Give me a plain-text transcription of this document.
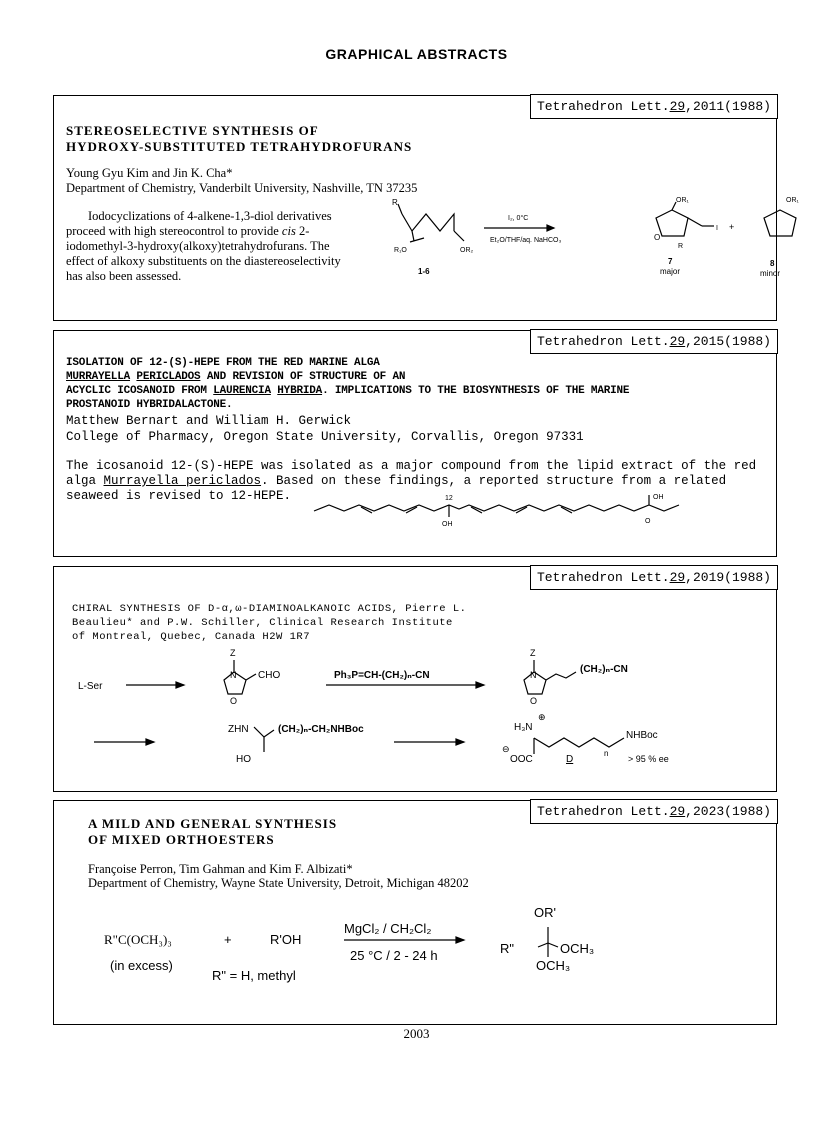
GRAPHICAL ABSTRACTS
Tetrahedron Lett.29,2011(1988)
STEREOSELECTIVE SYNTHESIS OF
HYDROXY-SUBSTITUTED TETRAHYDROFURANS
Young Gyu Kim and Jin K. Cha*
Department of Chemistry, Vanderbilt University, Nashville, TN 37235
Iodocyclizations of 4-alkene-1,3-diol derivatives
proceed with high stereocontrol to provide cis 2-
iodomethyl-3-hydroxy(alkoxy)tetrahydrofurans. The
effect of alkoxy substituents on the diastereoselectivity
has also been assessed.
R
R₁O	OR₂
1-6
I₂, 0°C
Et₂O/THF/aq. NaHCO₃
OR₁
O
R
I
7
major
+
OR₁
8
minor
Tetrahedron Lett.29,2015(1988)
ISOLATION OF 12-(S)-HEPE FROM THE RED MARINE ALGA
MURRAYELLA PERICLADOS AND REVISION OF STRUCTURE OF AN
ACYCLIC ICOSANOID FROM LAURENCIA HYBRIDA. IMPLICATIONS TO THE BIOSYNTHESIS OF THE MARINE
PROSTANOID HYBRIDALACTONE.
Matthew Bernart and William H. Gerwick
College of Pharmacy, Oregon State University, Corvallis, Oregon 97331
The icosanoid 12-(S)-HEPE was isolated as a major compound from the lipid extract of the red
alga Murrayella periclados. Based on these findings, a reported structure from a related
seaweed is revised to 12-HEPE.	12
OH
OH
O
Tetrahedron Lett.29,2019(1988)
CHIRAL SYNTHESIS OF D-α,ω-DIAMINOALKANOIC ACIDS, Pierre L.
Beaulieu* and P.W. Schiller, Clinical Research Institute
of Montreal, Quebec, Canada H2W 1R7
L-Ser
Z
N
O
CHO	Ph₃P=CH-(CH₂)ₙ-CN
Z
N
O
(CH₂)ₙ-CN
ZHN
HO
(CH₂)ₙ-CH₂NHBoc	H₃N
⊕
⊖
OOC
n
NHBoc
D	> 95 % ee
Tetrahedron Lett.29,2023(1988)
A MILD AND GENERAL SYNTHESIS
OF MIXED ORTHOESTERS
Françoise Perron, Tim Gahman and Kim F. Albizati*
Department of Chemistry, Wayne State University, Detroit, Michigan 48202
R"C(OCH₃)₃
(in excess)
+	R'OH
R" = H, methyl
MgCl₂ / CH₂Cl₂
25 °C / 2 - 24 h
OR'
R"	OCH₃
OCH₃
2003
